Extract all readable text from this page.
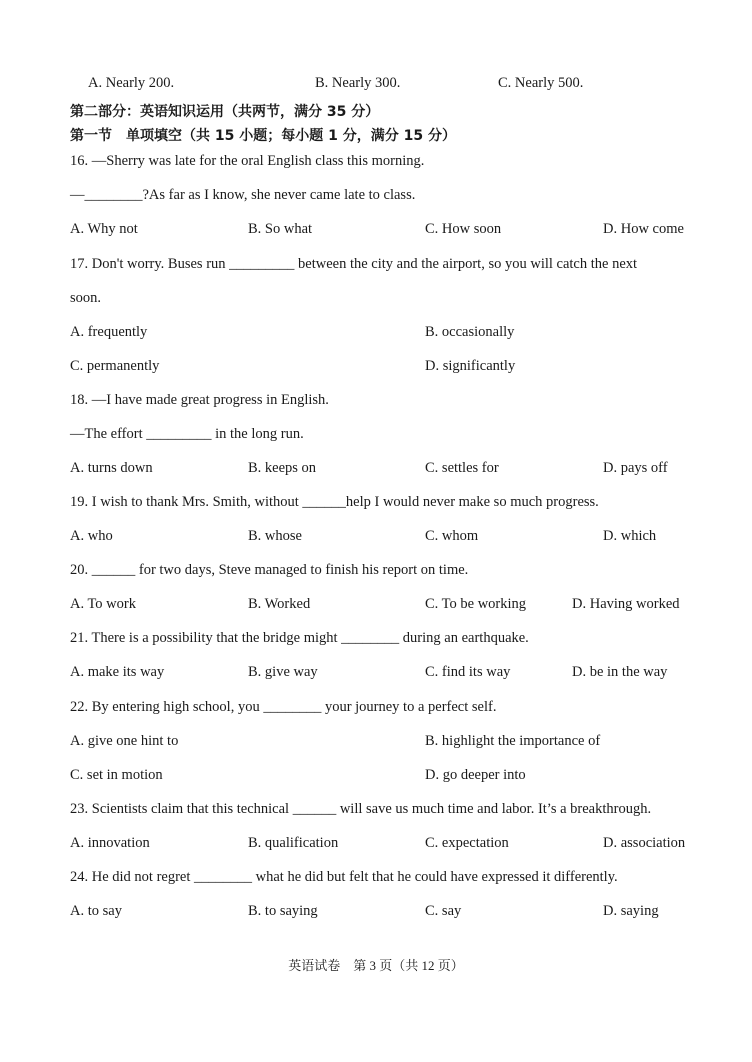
A. Nearly 200.	B. Nearly 300.	C. Nearly 500.
第二部分：英语知识运用（共两节，满分 35 分）
第一节　单项填空（共 15 小题；每小题 1 分，满分 15 分）
16. —Sherry was late for the oral English class this morning.
—________?As far as I know, she never came late to class.
A. Why not	B. So what	C. How soon	D. How come
17. Don't worry. Buses run _________ between the city and the airport, so you will catch the next
soon.
A. frequently	B. occasionally
C. permanently	D. significantly
18. —I have made great progress in English.
—The effort _________ in the long run.
A. turns down	B. keeps on	C. settles for	D. pays off
19. I wish to thank Mrs. Smith, without ______help I would never make so much progress.
A. who	B. whose	C. whom	D. which
20. ______ for two days, Steve managed to finish his report on time.
A. To work	B. Worked	C. To be working	D. Having worked
21. There is a possibility that the bridge might ________ during an earthquake.
A. make its way	B. give way	C. find its way	D. be in the way
22. By entering high school, you ________ your journey to a perfect self.
A. give one hint to	B. highlight the importance of
C. set in motion	D. go deeper into
23. Scientists claim that this technical ______ will save us much time and labor. It’s a breakthrough.
A. innovation	B. qualification	C. expectation	D. association
24. He did not regret ________ what he did but felt that he could have expressed it differently.
A. to say	B. to saying	C. say	D. saying
英语试卷　第 3 页（共 12 页）
